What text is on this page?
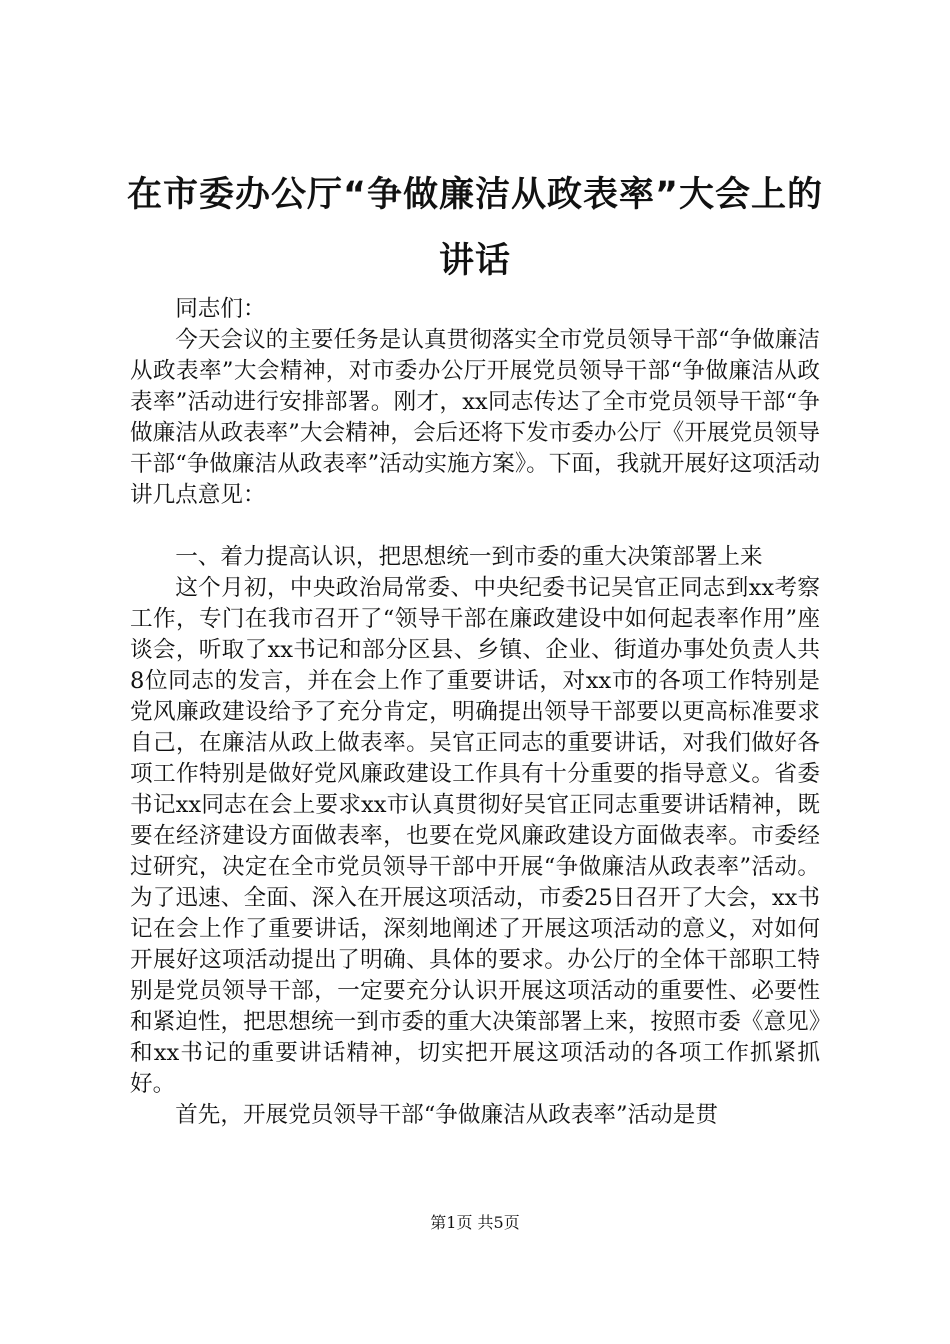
在市委办公厅“争做廉洁从政表率”大会上的
讲话

同志们：

今天会议的主要任务是认真贯彻落实全市党员领导干部“争做廉洁从政表率”大会精神，对市委办公厅开展党员领导干部“争做廉洁从政表率”活动进行安排部署。刚才，xx同志传达了全市党员领导干部“争做廉洁从政表率”大会精神，会后还将下发市委办公厅《开展党员领导干部“争做廉洁从政表率”活动实施方案》。下面，我就开展好这项活动讲几点意见：

一、着力提高认识，把思想统一到市委的重大决策部署上来

这个月初，中央政治局常委、中央纪委书记吴官正同志到xx考察工作，专门在我市召开了“领导干部在廉政建设中如何起表率作用”座谈会，听取了xx书记和部分区县、乡镇、企业、街道办事处负责人共8位同志的发言，并在会上作了重要讲话，对xx市的各项工作特别是党风廉政建设给予了充分肯定，明确提出领导干部要以更高标准要求自己，在廉洁从政上做表率。吴官正同志的重要讲话，对我们做好各项工作特别是做好党风廉政建设工作具有十分重要的指导意义。省委书记xx同志在会上要求xx市认真贯彻好吴官正同志重要讲话精神，既要在经济建设方面做表率，也要在党风廉政建设方面做表率。市委经过研究，决定在全市党员领导干部中开展“争做廉洁从政表率”活动。为了迅速、全面、深入在开展这项活动，市委25日召开了大会，xx书记在会上作了重要讲话，深刻地阐述了开展这项活动的意义，对如何开展好这项活动提出了明确、具体的要求。办公厅的全体干部职工特别是党员领导干部，一定要充分认识开展这项活动的重要性、必要性和紧迫性，把思想统一到市委的重大决策部署上来，按照市委《意见》和xx书记的重要讲话精神，切实把开展这项活动的各项工作抓紧抓好。

首先，开展党员领导干部“争做廉洁从政表率”活动是贯

第1页 共5页
